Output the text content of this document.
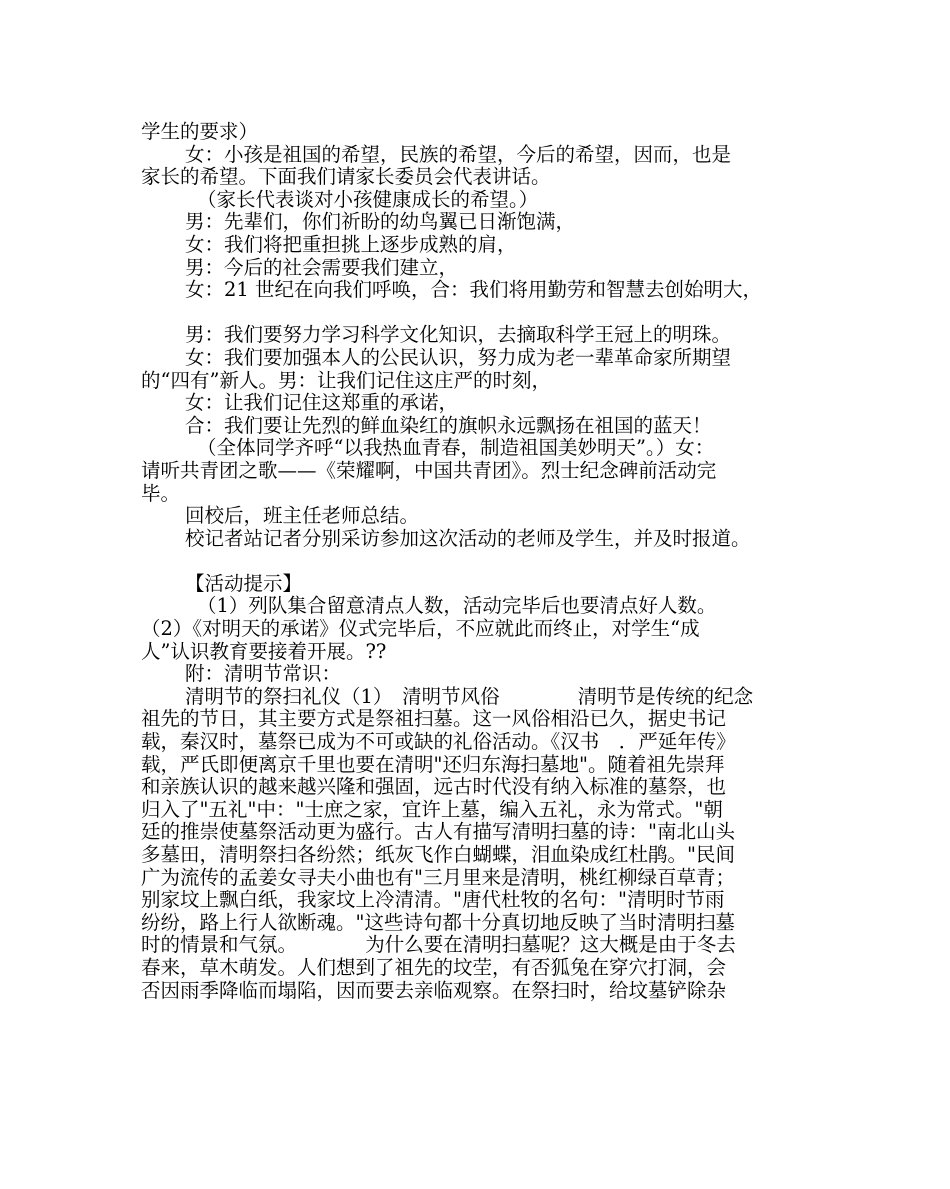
学生的要求）
女：小孩是祖国的希望，民族的希望，今后的希望，因而，也是
家长的希望。下面我们请家长委员会代表讲话。
（家长代表谈对小孩健康成长的希望。）
男：先辈们，你们祈盼的幼鸟翼已日渐饱满，
女：我们将把重担挑上逐步成熟的肩，
男：今后的社会需要我们建立，
女：21 世纪在向我们呼唤，合：我们将用勤劳和智慧去创始明大，
男：我们要努力学习科学文化知识，去摘取科学王冠上的明珠。
女：我们要加强本人的公民认识，努力成为老一辈革命家所期望
的“四有”新人。男：让我们记住这庄严的时刻，
女：让我们记住这郑重的承诺，
合：我们要让先烈的鲜血染红的旗帜永远飘扬在祖国的蓝天！
（全体同学齐呼“以我热血青春，制造祖国美妙明天”。）女：
请听共青团之歌——《荣耀啊，中国共青团》。烈士纪念碑前活动完
毕。
回校后，班主任老师总结。
校记者站记者分别采访参加这次活动的老师及学生，并及时报道。
【活动提示】
（1）列队集合留意清点人数，活动完毕后也要清点好人数。
（2）《对明天的承诺》仪式完毕后，不应就此而终止，对学生“成
人”认识教育要接着开展。??
附：清明节常识：
清明节的祭扫礼仪（1）　清明节风俗　　　　清明节是传统的纪念
祖先的节日，其主要方式是祭祖扫墓。这一风俗相沿已久，据史书记
载，秦汉时，墓祭已成为不可或缺的礼俗活动。《汉书　．严延年传》
载，严氏即便离京千里也要在清明"还归东海扫墓地"。随着祖先崇拜
和亲族认识的越来越兴隆和强固，远古时代没有纳入标准的墓祭，也
归入了"五礼"中："士庶之家，宜许上墓，编入五礼，永为常式。"朝
廷的推崇使墓祭活动更为盛行。古人有描写清明扫墓的诗："南北山头
多墓田，清明祭扫各纷然；纸灰飞作白蝴蝶，泪血染成红杜鹃。"民间
广为流传的孟姜女寻夫小曲也有"三月里来是清明，桃红柳绿百草青；
别家坟上飘白纸，我家坟上冷清清。"唐代杜牧的名句："清明时节雨
纷纷，路上行人欲断魂。"这些诗句都十分真切地反映了当时清明扫墓
时的情景和气氛。　　　　为什么要在清明扫墓呢？这大概是由于冬去
春来，草木萌发。人们想到了祖先的坟茔，有否狐兔在穿穴打洞，会
否因雨季降临而塌陷，因而要去亲临观察。在祭扫时，给坟墓铲除杂
